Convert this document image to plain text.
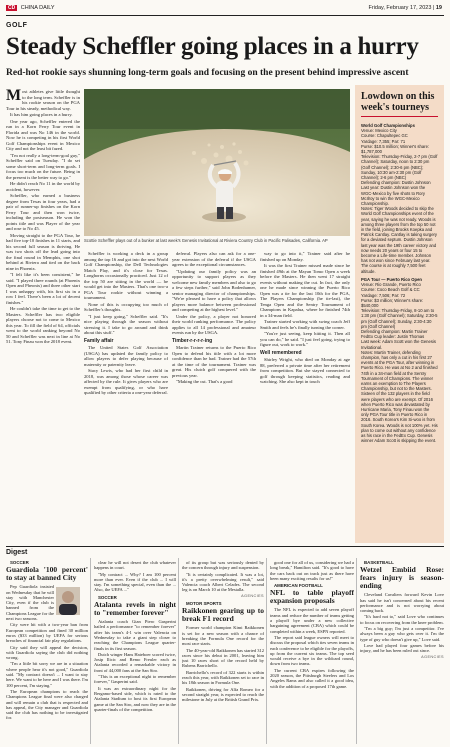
CD CHINA DAILY	Friday, February 17, 2023 | 19
GOLF
Steady Scheffler going places in a hurry
Red-hot rookie says shunning long-term goals and focusing on the present behind impressive ascent
M ost athletes give little thought to the long term. Scheffler is in his rookie season on the PGA Tour in his steady, methodical way.

It has him going places in a hurry.

One year ago, Scheffler entered the run in a Korn Ferry Tour event in Florida and was No 146 in the world. Now he is competing in his first World Golf Championships event in Mexico City and not the least bit fazed.

"I'm not really a long-term-goal guy," Scheffler said on Tuesday. "I do set some short-term and long-term goals. I focus too much on the future. Being in the present is the better way to go."

He didn't reach No 11 in the world by accident, however.

Scheffler, who earned a business degree from Texas in four years, had a pair of runner-up finishes on the Korn Ferry Tour and then won twice, including the postseason. He won the points title and was Player of the year and rose to No 45.

Moving straight to the PGA Tour, he had five top-10 finishes in 11 starts, and his second full season is thriving. He was two shots off the lead going into the final round in Memphis, one shot behind at Riviera and tied on the back nine in Phoenix.

"I felt like it's been consistent," he said. "I played three rounds (at Phoenix Open and Pheonix) and three other start I was unhappy with, his first six in a row I feel. There's been a lot of decent finishes."

He couldn't take the time to get to the Masters. Scheffler has two eligible players choose not to come to Mexico this year. To fill the field of 64, officials went to the world ranking beyond No 50 and Scheffler was next in line at No 51. Tony Finau won the 2018 event.

Scottie Scheffler plays out of a bunker at last week's Genesis Invitational at Riviera Country Club in Pacific Palisades, California. AP

Scheffler is working a deck in a group among the top 16 and got into the next World Golf Championship, the Dell Technologies Match Play, and it's close for Texas. Longhorns occasionally practiced. Just 12 of the top 50 are sitting in the world — he would get into the Masters. That's one two-a PGA Tour rookie without winning a tournament.

None of this is occupying too much of Scheffler's thoughts.

"I just keep going," Scheffler said. "It's nice playing through the season without stressing it. I take to go around and think about this stuff."

Family affair

The United States Golf Association (USGA) has updated the family policy to allow players to defer playing because of maternity or paternity leave.

Stacy Lewis, who had her first child in 2018, was among those whose career was affected by the rule. It gives players who are exempt from qualifying, or who have qualified by other criteria a one-year deferral.

deferral. Players also can ask for a one-year extension of the deferral if the USGA agrees to the exceptional circumstances.

"Updating our family policy was an opportunity to support players as they welcome new family members and also to go a few steps further," said John Bodenhamer, senior managing director of championships. "We're pleased to have a policy that allows players more balance between professional and competing at the highest level."

Under the policy, a player not honored their world ranking performance. The policy applies to all 14 professional and amateur events run by the USGA.

Timber-r-r-r-r-ing

Martin Trainer returns to the Puerto Rico Open to defend his title with a lot more confidence than he had. Trainer had the 57th at the time of the tournament. Trainer was great. His clutch golf conquered with the previous year.

"Making the cut. That's a good

way to go into it," Trainer said after he finished up on Monday.

It was the first Trainer missed made since he finished 49th at the Mayan Tomo Open a week before the Masters. He then went 17 straight events without making the cut. In fact, the only one he made since winning the Puerto Rico Open was a tie for the last 10th for the PGA, The Players Championship (he tie-last), the Tenga Open and the Sentry Tournament of Champions in Kapalua, where he finished 74th in a 34-man field.

Trainer started working with swing coach Jeff Smith and feels he's finally turning the corner.

"You're just seeing, keep hitting it. Then all you can do," he said. "I just feel going, trying to figure out, work to work."

Well remembered

Shirley Wright, who died on Monday at age 88, preferred a private time after her retirement from competition. But she stayed connected to golf through keeping statistics, reading and watching. She also kept in touch

Lowdown on this week's tourneys
World Golf Championships
Venue: Mexico City
Course: Chapultepec GC
Yardage: 7,355; Par: 71
Purse: $10.5 million; Winner's share: $1,787,000
Television: Thursday-Friday, 2-7 pm (Golf Channel); Saturday, noon to 2:30 pm (Golf Channel); 2:30-6 pm (NBC); Sunday, 10:30 am-2:30 pm (Golf Channel); 2-6 pm (NBC)
Defending champion: Dustin Johnson
Last year: Dustin Johnson won the WGC-Mexico by five shots to Rory McIlroy to win the WGC-Mexico Championship.
Notes: Tiger Woods decided to skip the World Golf Championships event of the year, saying he was not ready. Woods is among three players from the top 50 not in the field, joining Brooks Koepka and Patrick Cantlay. Cantlay is taking surgery for a deviated septum. Dustin Johnson last year was the 19th career victory and now needs 20 years or four 15 to become a Life-time member. Johnson has not won since February last year. The course is at roughly 7,500 feet altitude.
PGA Tour — Puerto Rico Open
Venue: Rio Grande, Puerto Rico
Course: Coco Beach Golf & CC
Yardage: 7,506; Par: 72
Purse: $3 million; Winner's share: $540,000
Television: Thursday-Friday, 8-10 am to 1:30 pm (Golf Channel); Saturday, 2:30-5 pm (Golf Channel); Sunday, 2:30-4:30 pm (Golf Channel)
Defending champion: Martin Trainer
FedEx Cup leader: Justin Thomas
Last week: Adam Scott won the Genesis Invitational.
Notes: Martin Trainer, defending champion, has only a cut in his first 27 events at the PGA Tour, after winning in Puerto Rico. He was at No 2 and finished 74th in a 34-man field at the Sentry Tournament of Champions. The winner earns an exemption to The Players Championship, but not to the Masters. Sixteen of the 132 players in the field were players who are exempt. Of 2016 when Puerto Rico was devastated by Hurricane Maria, Tony Finau won the only PGA Tour title in Puerto Rico in 2016. South Korea's Kim Si-woo is from South Korea. Woods is not 100% yet. His plan to come out without any confidence as his race in the FedEx Cup. Genesis winner Adam Scott is skipping the event.
Digest

SOCCER

Guardiola '100 percent' to stay at banned City

Pep Guardiola insisted on Wednesday that he will stay with Manchester City, even if the club is banned from the Champions League for the next two seasons.

City were hit with a two-year ban from European competition and fined 30 million euros ($33 million) by UEFA for serious breaches of financial fair play regulations.

City said they will appeal the decision, with Guardiola saying the club did nothing wrong.

"I'm a little bit sorry we are in a situation where people hear it's not good," Guardiola said. "My contract doesn't ... I want to stay here. We want to be here and I was there. I'm 100 percent, I'm staying."

The European champions to reach the Champions League final were also charged and will remain a club that is respected and has appeal, the City manager and Guardiola said the club has nothing to be investigated for.

clear he will not desert the club whatever happens in court.

"My contract ... Why? I am 100 percent more than ever. Even if the club ... I will stay. I'm something special, even than the ... Also, the UEFA ..."

SOCCER

Atalanta revels in night to "remember forever"

Atalanta coach Gian Piero Gasperini hailed a performance "to remember forever" after his team's 4-1 win over Valencia on Wednesday to take a giant step closer to reaching the Champions League quarter-finals in its first season.

Dutch winger Hans Hateboer scored twice, Josip Ilicic and Remo Freuler each as Atalanta recorded a remarkable victory in front of 44,000 fans at the San Siro.

"This is an exceptional night to remember forever," Gasperini said.

It was an extraordinary night for the Bergamo-based side, which is rated to the Atalanta Stadium to host its first European game at the San Siro, and now they are in the quarter-finals of the competition.

of its group but was seriously dented by the concern through injury and suspension.

"It is certainly complicated. It was a lot, it's a pretty overwhelming result," said Valencia coach Albert Celades. The second leg is on March 10 at the Mestalla.

AGENCIES

MOTOR SPORTS

Raikkonen gearing up to break F1 record

Former world champion Kimi Raikkonen is set for a new season with a chance of breaking the Formula One record for the most race starts.

The 40-year-old Raikkonen has started 312 races since his debut in 2001, leaving him just 10 races short of the record held by Rubens Barrichello.

Barrichello's record of 322 starts is within reach this year, with Raikkonen set to race in his 18th season in Formula One.

Raikkonen, driving for Alfa Romeo for a second straight year, is expected to reach the milestone in July at the British Grand Prix.

good one for all of us, considering we had a long break," Hamilton said. "It's good to have the cars back out on track just as there have been many exciting results for us!"

AMERICAN FOOTBALL

NFL to table playoff expansion proposals

The NFL is expected to add seven playoff teams and reduce the number of teams getting a playoff bye under a new collective bargaining agreement (CBA) which could be completed within a week, ESPN reported.

The report said league owners will meet to discuss the proposal which ties seven teams in each conference to be eligible for the playoffs, up from the current six teams. The top seed would receive a bye in the wildcard round, down from two teams.

The current CBA expires following the 2020 season, the Pittsburgh Steelers and Los Angeles Rams and also called it a good idea, with the addition of a proposed 17th game.

BASKETBALL

Wetzel Embiid Rose: fears injury is season-ending

Cleveland Cavaliers forward Kevin Love has said he isn't concerned about his recent performance and is not worrying about coming back.

"It's hard not to," said Love who continues to focus on recovering from the knee problem.

"I'm a big guy; I'm just a competitor. I've always been a guy who gets over it. I'm the type of guy who doesn't give up," Love said.

Love had played four games before his injury, and he has been ruled out since.

AGENCIES
